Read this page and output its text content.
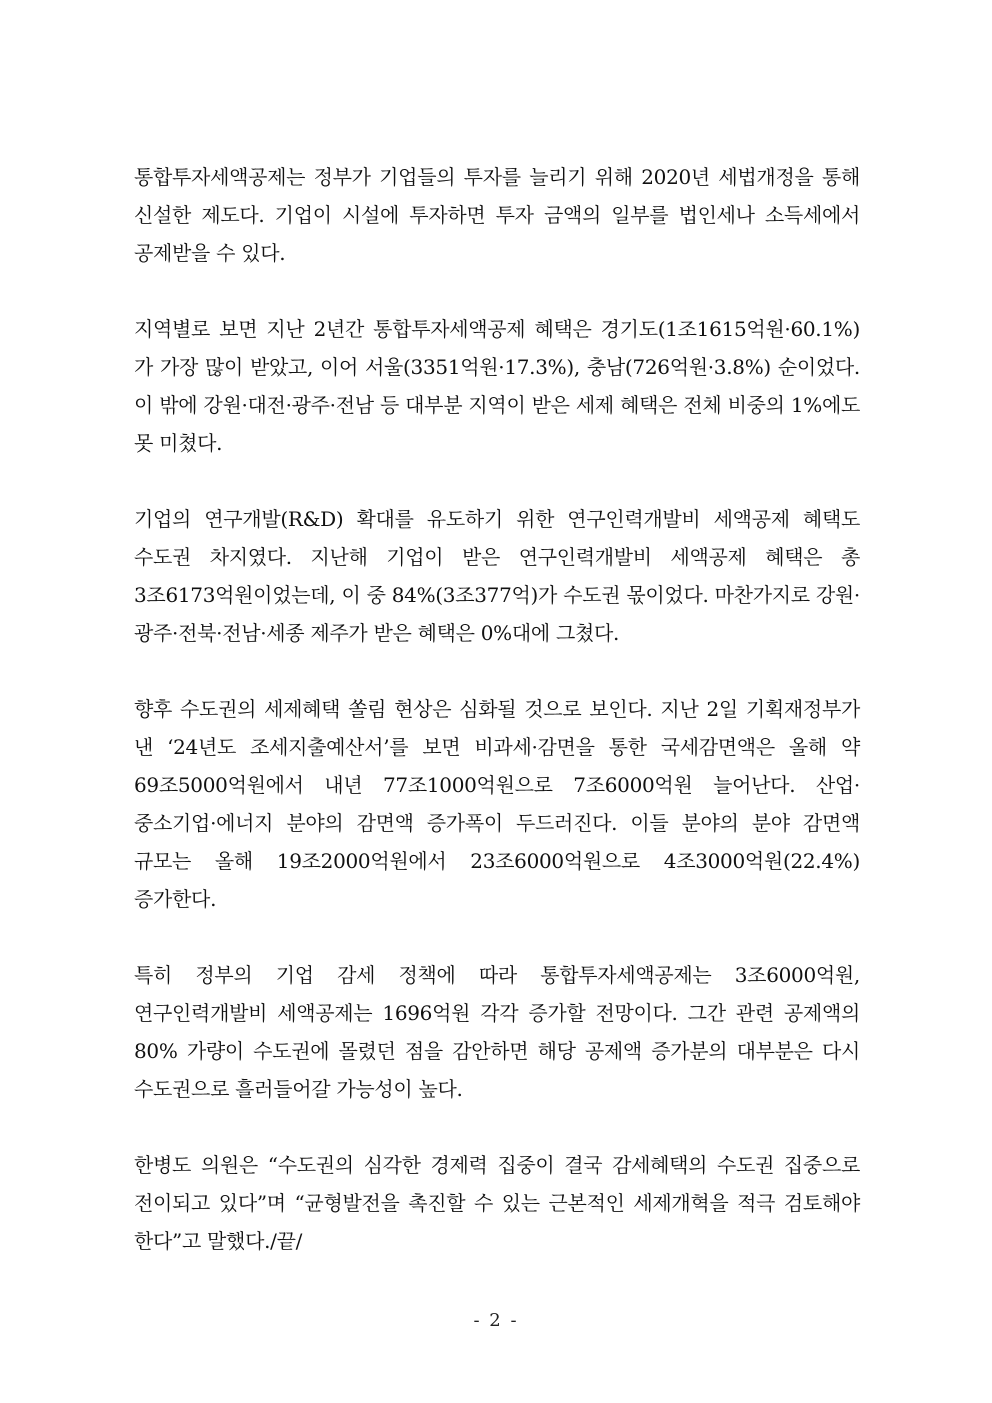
통합투자세액공제는 정부가 기업들의 투자를 늘리기 위해 2020년 세법개정을 통해 신설한 제도다. 기업이 시설에 투자하면 투자 금액의 일부를 법인세나 소득세에서 공제받을 수 있다.

지역별로 보면 지난 2년간 통합투자세액공제 혜택은 경기도(1조1615억원·60.1%)가 가장 많이 받았고, 이어 서울(3351억원·17.3%), 충남(726억원·3.8%) 순이었다. 이 밖에 강원·대전·광주·전남 등 대부분 지역이 받은 세제 혜택은 전체 비중의 1%에도 못 미쳤다.

기업의 연구개발(R&D) 확대를 유도하기 위한 연구인력개발비 세액공제 혜택도 수도권 차지였다. 지난해 기업이 받은 연구인력개발비 세액공제 혜택은 총 3조6173억원이었는데, 이 중 84%(3조377억)가 수도권 몫이었다. 마찬가지로 강원·광주·전북·전남·세종 제주가 받은 혜택은 0%대에 그쳤다.

향후 수도권의 세제혜택 쏠림 현상은 심화될 것으로 보인다. 지난 2일 기획재정부가 낸 ‘24년도 조세지출예산서’를 보면 비과세·감면을 통한 국세감면액은 올해 약 69조5000억원에서 내년 77조1000억원으로 7조6000억원 늘어난다. 산업·중소기업·에너지 분야의 감면액 증가폭이 두드러진다. 이들 분야의 분야 감면액 규모는 올해 19조2000억원에서 23조6000억원으로 4조3000억원(22.4%) 증가한다.

특히 정부의 기업 감세 정책에 따라 통합투자세액공제는 3조6000억원, 연구인력개발비 세액공제는 1696억원 각각 증가할 전망이다. 그간 관련 공제액의 80% 가량이 수도권에 몰렸던 점을 감안하면 해당 공제액 증가분의 대부분은 다시 수도권으로 흘러들어갈 가능성이 높다.

한병도 의원은 “수도권의 심각한 경제력 집중이 결국 감세혜택의 수도권 집중으로 전이되고 있다”며 “균형발전을 촉진할 수 있는 근본적인 세제개혁을 적극 검토해야 한다”고 말했다./끝/

- 2 -
